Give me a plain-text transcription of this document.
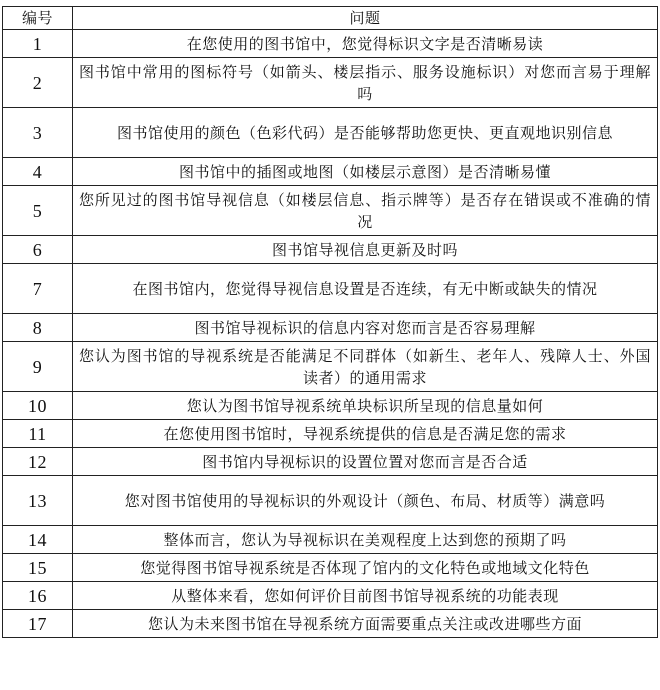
编号	问题
1	在您使用的图书馆中，您觉得标识文字是否清晰易读
2	图书馆中常用的图标符号（如箭头、楼层指示、服务设施标识）对您而言易于理解吗
3	图书馆使用的颜色（色彩代码）是否能够帮助您更快、更直观地识别信息
4	图书馆中的插图或地图（如楼层示意图）是否清晰易懂
5	您所见过的图书馆导视信息（如楼层信息、指示牌等）是否存在错误或不准确的情况
6	图书馆导视信息更新及时吗
7	在图书馆内，您觉得导视信息设置是否连续，有无中断或缺失的情况
8	图书馆导视标识的信息内容对您而言是否容易理解
9	您认为图书馆的导视系统是否能满足不同群体（如新生、老年人、残障人士、外国读者）的通用需求
10	您认为图书馆导视系统单块标识所呈现的信息量如何
11	在您使用图书馆时，导视系统提供的信息是否满足您的需求
12	图书馆内导视标识的设置位置对您而言是否合适
13	您对图书馆使用的导视标识的外观设计（颜色、布局、材质等）满意吗
14	整体而言，您认为导视标识在美观程度上达到您的预期了吗
15	您觉得图书馆导视系统是否体现了馆内的文化特色或地域文化特色
16	从整体来看，您如何评价目前图书馆导视系统的功能表现
17	您认为未来图书馆在导视系统方面需要重点关注或改进哪些方面
